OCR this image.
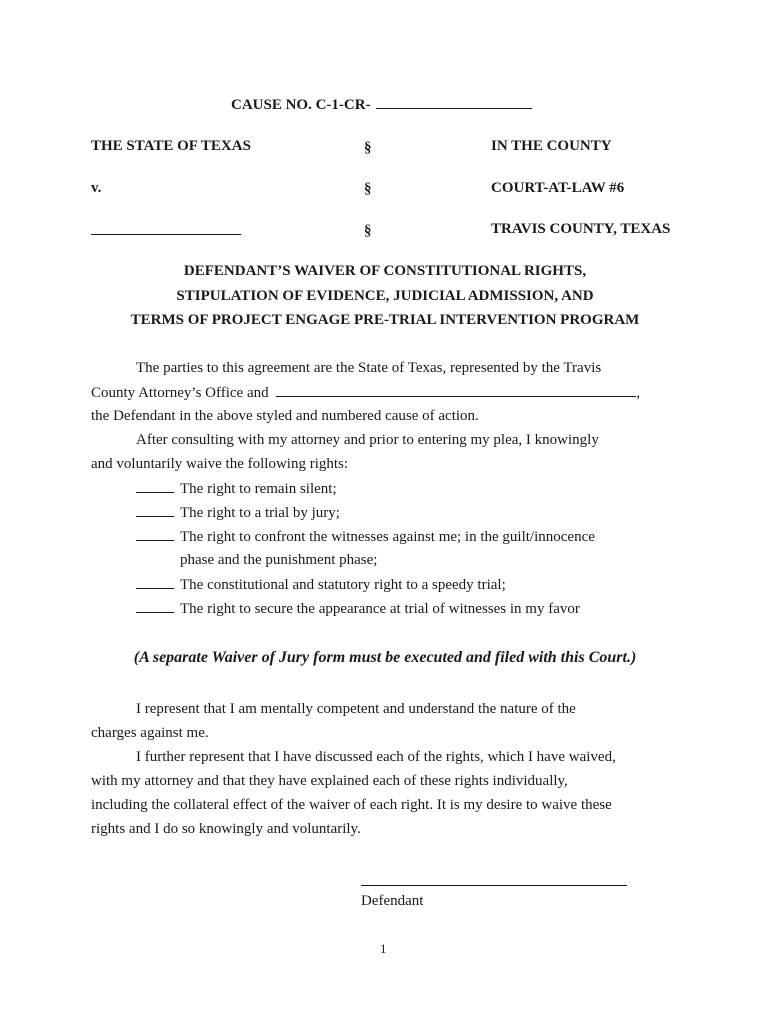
CAUSE NO. C-1-CR-
THE STATE OF TEXAS
v.
§
§
§
IN THE COUNTY
COURT-AT-LAW #6
TRAVIS COUNTY, TEXAS
DEFENDANT’S WAIVER OF CONSTITUTIONAL RIGHTS,
STIPULATION OF EVIDENCE, JUDICIAL ADMISSION, AND
TERMS OF PROJECT ENGAGE PRE-TRIAL INTERVENTION PROGRAM
The parties to this agreement are the State of Texas, represented by the Travis
County Attorney’s Office and	,
the Defendant in the above styled and numbered cause of action.
After consulting with my attorney and prior to entering my plea, I knowingly
and voluntarily waive the following rights:
The right to remain silent;
The right to a trial by jury;
The right to confront the witnesses against me; in the guilt/innocence
phase and the punishment phase;
The constitutional and statutory right to a speedy trial;
The right to secure the appearance at trial of witnesses in my favor
(A separate Waiver of Jury form must be executed and filed with this Court.)
I represent that I am mentally competent and understand the nature of the
charges against me.
I further represent that I have discussed each of the rights, which I have waived,
with my attorney and that they have explained each of these rights individually,
including the collateral effect of the waiver of each right. It is my desire to waive these
rights and I do so knowingly and voluntarily.
Defendant
1
